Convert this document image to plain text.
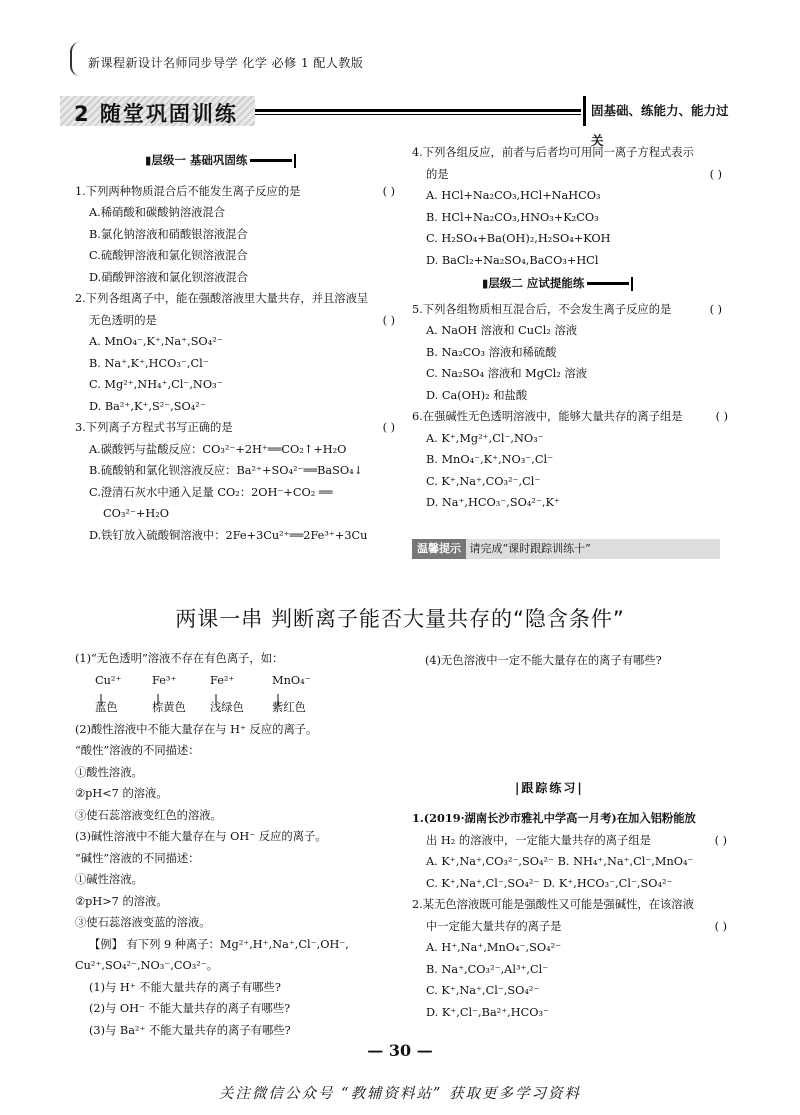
新课程新设计名师同步导学 化学 必修 1 配人教版
2 随堂巩固训练	固基础、练能力、能力过关
▮层级一 基础巩固练
1.下列两种物质混合后不能发生离子反应的是	( )
A.稀硝酸和碳酸钠溶液混合
B.氯化钠溶液和硝酸银溶液混合
C.硫酸钾溶液和氯化钡溶液混合
D.硝酸钾溶液和氯化钡溶液混合
2.下列各组离子中，能在强酸溶液里大量共存，并且溶液呈
无色透明的是	( )
A. MnO₄⁻,K⁺,Na⁺,SO₄²⁻
B. Na⁺,K⁺,HCO₃⁻,Cl⁻
C. Mg²⁺,NH₄⁺,Cl⁻,NO₃⁻
D. Ba²⁺,K⁺,S²⁻,SO₄²⁻
3.下列离子方程式书写正确的是	( )
A.碳酸钙与盐酸反应：CO₃²⁻+2H⁺══CO₂↑+H₂O
B.硫酸钠和氯化钡溶液反应：Ba²⁺+SO₄²⁻══BaSO₄↓
C.澄清石灰水中通入足量 CO₂：2OH⁻+CO₂ ══
CO₃²⁻+H₂O
D.铁钉放入硫酸铜溶液中：2Fe+3Cu²⁺══2Fe³⁺+3Cu
4.下列各组反应，前者与后者均可用同一离子方程式表示
的是	( )
A. HCl+Na₂CO₃,HCl+NaHCO₃
B. HCl+Na₂CO₃,HNO₃+K₂CO₃
C. H₂SO₄+Ba(OH)₂,H₂SO₄+KOH
D. BaCl₂+Na₂SO₄,BaCO₃+HCl
▮层级二 应试提能练
5.下列各组物质相互混合后，不会发生离子反应的是	( )
A. NaOH 溶液和 CuCl₂ 溶液
B. Na₂CO₃ 溶液和稀硫酸
C. Na₂SO₄ 溶液和 MgCl₂ 溶液
D. Ca(OH)₂ 和盐酸
6.在强碱性无色透明溶液中，能够大量共存的离子组是	( )
A. K⁺,Mg²⁺,Cl⁻,NO₃⁻
B. MnO₄⁻,K⁺,NO₃⁻,Cl⁻
C. K⁺,Na⁺,CO₃²⁻,Cl⁻
D. Na⁺,HCO₃⁻,SO₄²⁻,K⁺
温馨提示 请完成“课时跟踪训练十”
两课一串 判断离子能否大量共存的“隐含条件”
(1)“无色透明”溶液不存在有色离子，如：
Cu²⁺	Fe³⁺	Fe²⁺	MnO₄⁻
蓝色	棕黄色	浅绿色	紫红色
(2)酸性溶液中不能大量存在与 H⁺ 反应的离子。
“酸性”溶液的不同描述：
①酸性溶液。
②pH<7 的溶液。
③使石蕊溶液变红色的溶液。
(3)碱性溶液中不能大量存在与 OH⁻ 反应的离子。
“碱性”溶液的不同描述：
①碱性溶液。
②pH>7 的溶液。
③使石蕊溶液变蓝的溶液。
【例】 有下列 9 种离子：Mg²⁺,H⁺,Na⁺,Cl⁻,OH⁻,
Cu²⁺,SO₄²⁻,NO₃⁻,CO₃²⁻。
(1)与 H⁺ 不能大量共存的离子有哪些?
(2)与 OH⁻ 不能大量共存的离子有哪些?
(3)与 Ba²⁺ 不能大量共存的离子有哪些?
(4)无色溶液中一定不能大量存在的离子有哪些?
|跟踪练习|
1.(2019·湖南长沙市雅礼中学高一月考)在加入铝粉能放
出 H₂ 的溶液中，一定能大量共存的离子组是	( )
A. K⁺,Na⁺,CO₃²⁻,SO₄²⁻ B. NH₄⁺,Na⁺,Cl⁻,MnO₄⁻
C. K⁺,Na⁺,Cl⁻,SO₄²⁻ D. K⁺,HCO₃⁻,Cl⁻,SO₄²⁻
2.某无色溶液既可能是强酸性又可能是强碱性，在该溶液
中一定能大量共存的离子是	( )
A. H⁺,Na⁺,MnO₄⁻,SO₄²⁻
B. Na⁺,CO₃²⁻,Al³⁺,Cl⁻
C. K⁺,Na⁺,Cl⁻,SO₄²⁻
D. K⁺,Cl⁻,Ba²⁺,HCO₃⁻
— 30 —
关注微信公众号 “教辅资料站” 获取更多学习资料
